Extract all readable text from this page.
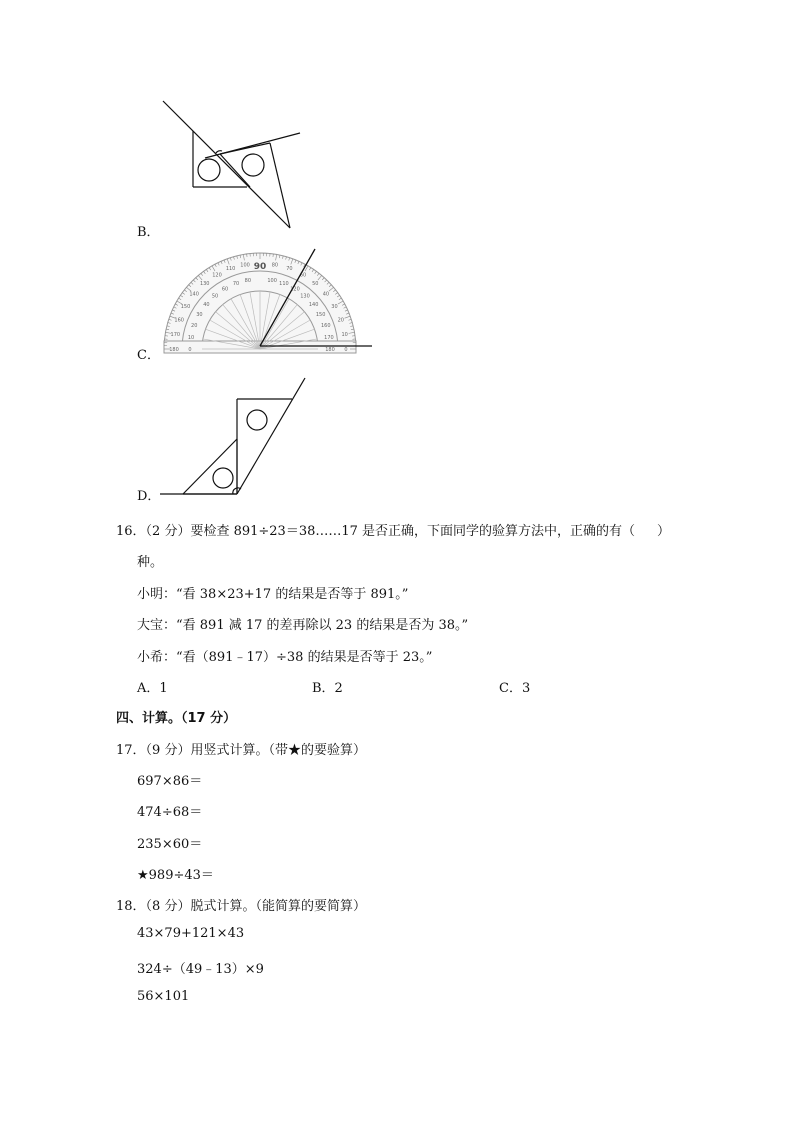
B．
0
10
20
30
40
50
60
70
80
100
110
120
130
140
150
160
170
180	180
170
160
150
140
130
120
110
100
80
70
60
50
40
30
20
10
0
90
C．
D．
16．（2 分）要检查 891÷23＝38……17 是否正确，下面同学的验算方法中，正确的有（ ）
种。
小明：“看 38×23+17 的结果是否等于 891。”
大宝：“看 891 减 17 的差再除以 23 的结果是否为 38。”
小希：“看（891﹣17）÷38 的结果是否等于 23。”
A．1	B．2	C．3
四、计算。（17 分）
17．（9 分）用竖式计算。（带★的要验算）
697×86＝
474÷68＝
235×60＝
★989÷43＝
18．（8 分）脱式计算。（能简算的要简算）
43×79+121×43
324÷（49﹣13）×9
56×101
